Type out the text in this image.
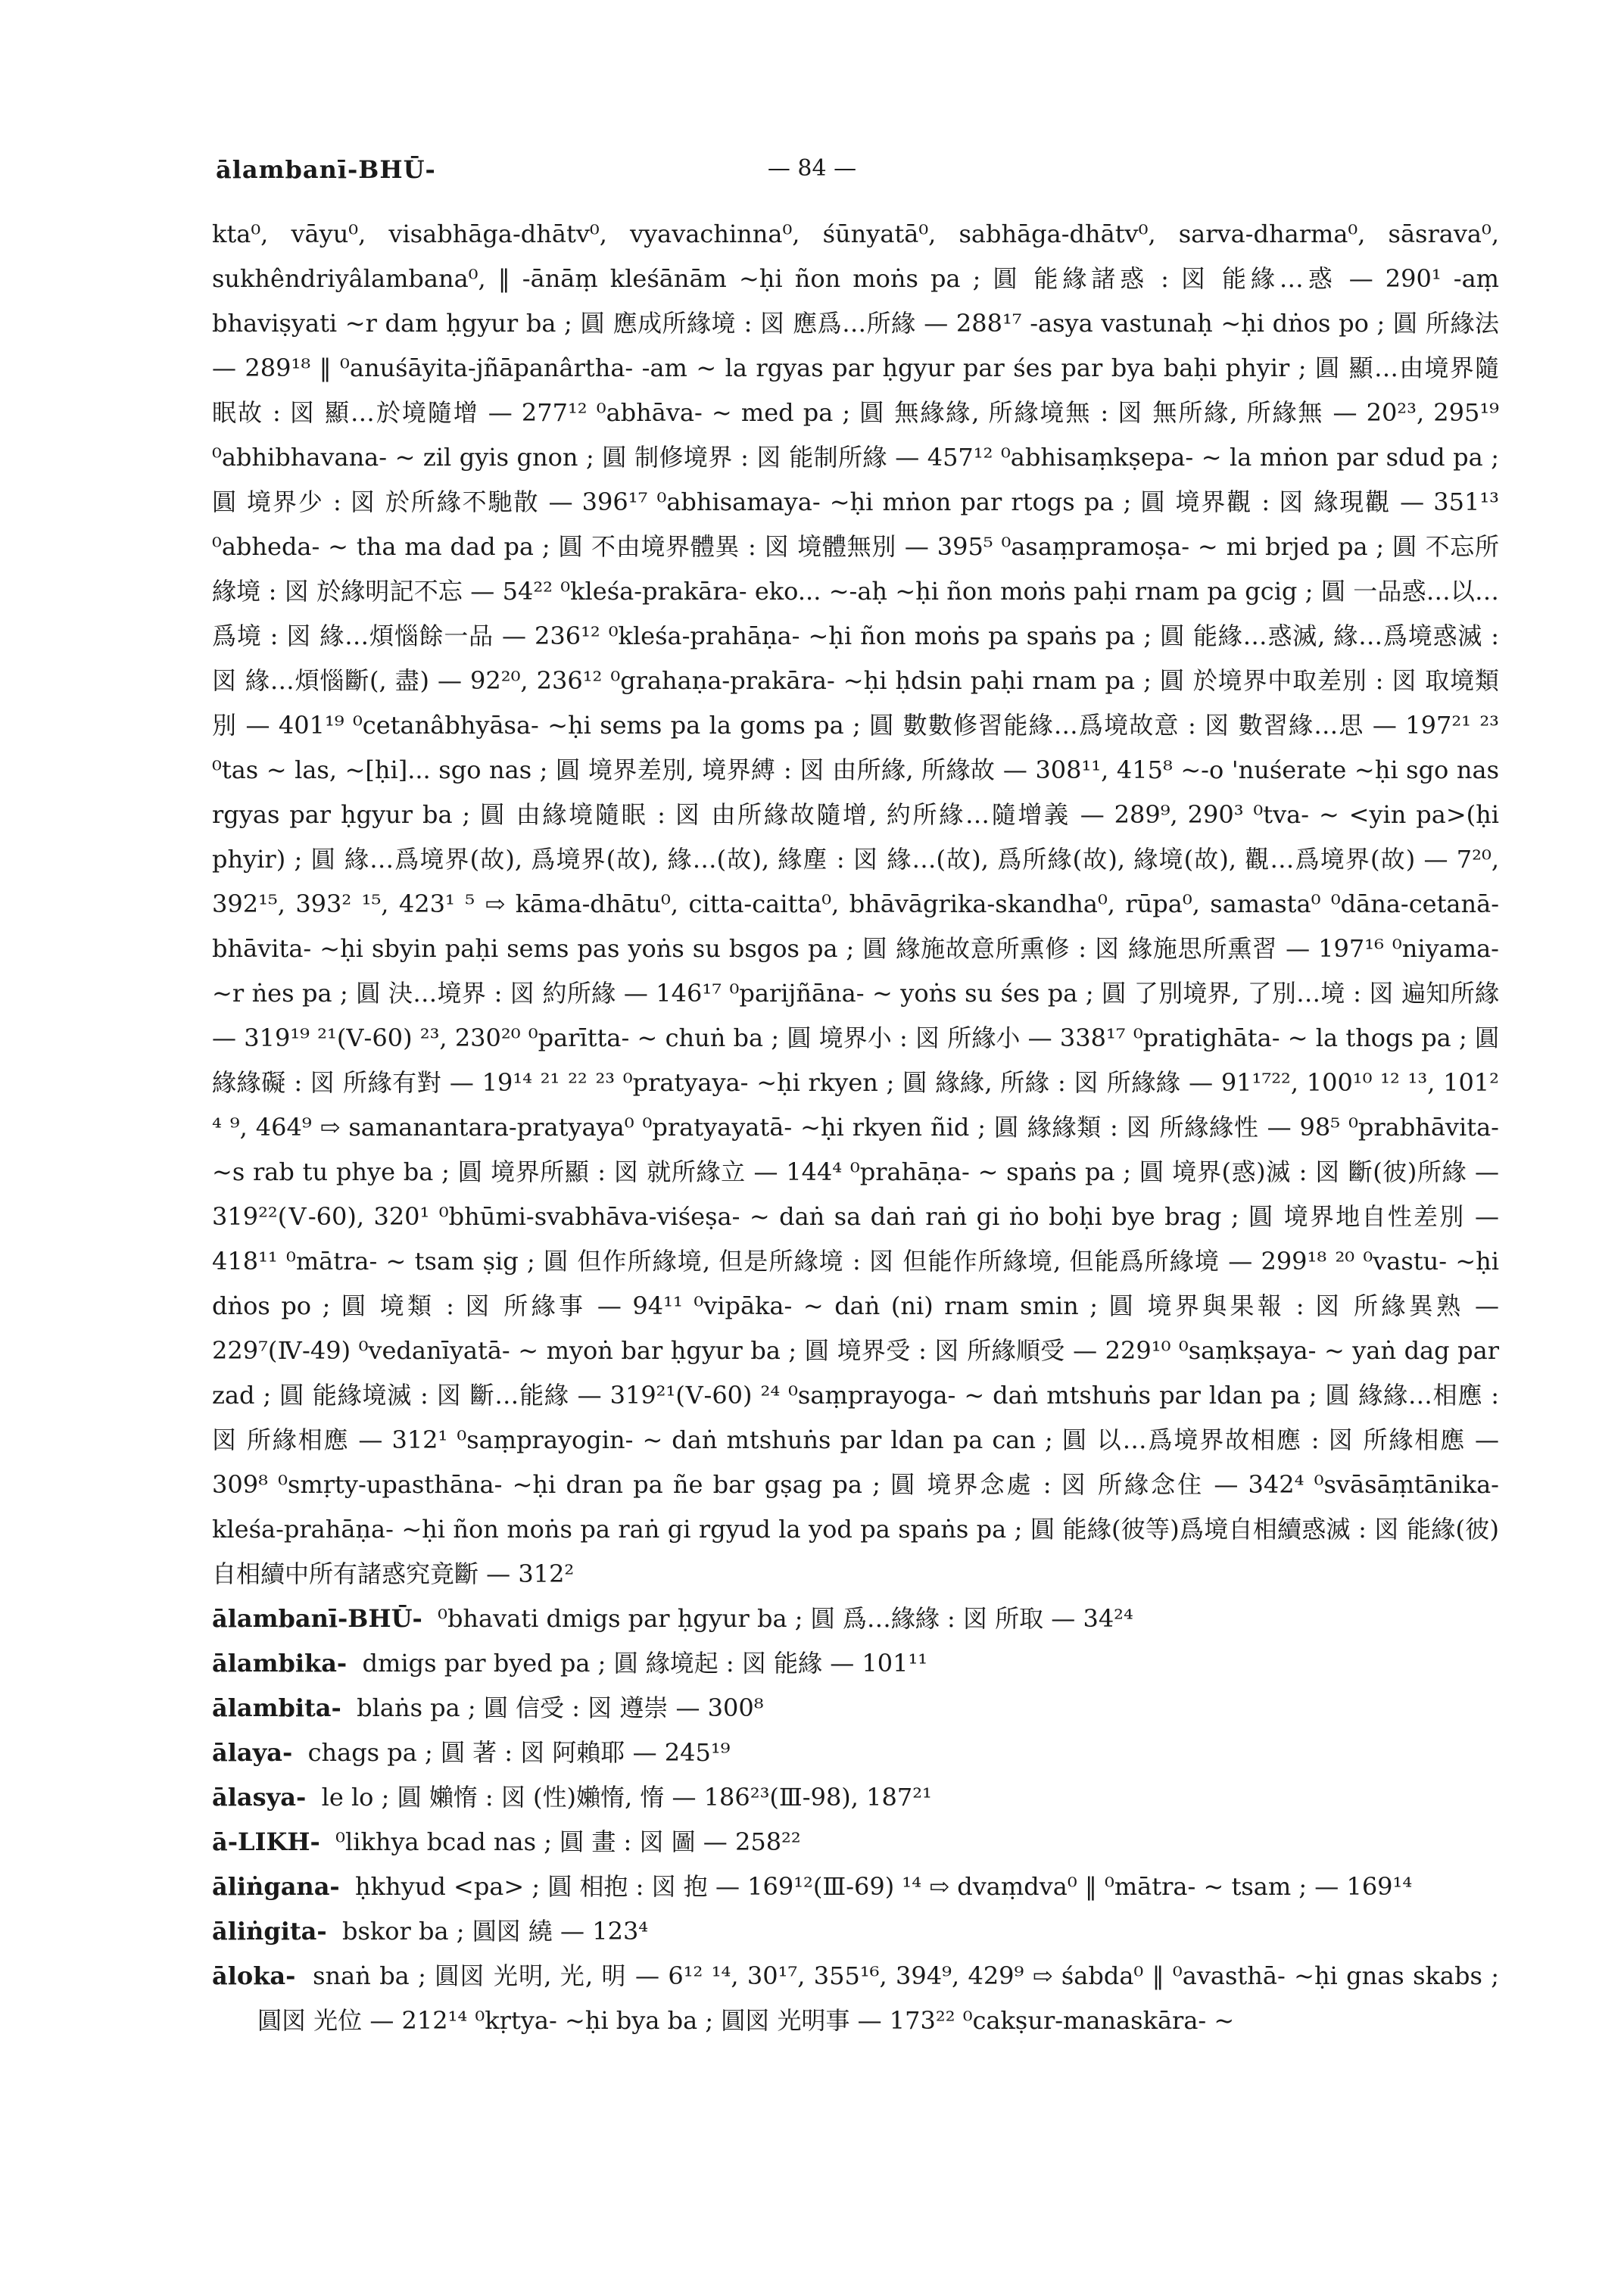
ālambanī-BHŪ-	— 84 —

kta⁰, vāyu⁰, visabhāga-dhātv⁰, vyavachinna⁰, śūnyatā⁰, sabhāga-dhātv⁰, sarva-dharma⁰, sāsrava⁰, sukhêndriyâlambana⁰, ‖ -ānāṃ kleśānām ~ḥi ñon moṅs pa ; 圓 能緣諸惑 : 図 能緣…惑 — 290¹ -aṃ bhaviṣyati ~r dam ḥgyur ba ; 圓 應成所緣境 : 図 應爲…所緣 — 288¹⁷ -asya vastunaḥ ~ḥi dṅos po ; 圓 所緣法 — 289¹⁸ ‖ ⁰anuśāyita-jñāpanârtha- -am ~ la rgyas par ḥgyur par śes par bya baḥi phyir ; 圓 顯…由境界隨眠故 : 図 顯…於境隨增 — 277¹² ⁰abhāva- ~ med pa ; 圓 無緣緣, 所緣境無 : 図 無所緣, 所緣無 — 20²³, 295¹⁹ ⁰abhibhavana- ~ zil gyis gnon ; 圓 制修境界 : 図 能制所緣 — 457¹² ⁰abhisaṃkṣepa- ~ la mṅon par sdud pa ; 圓 境界少 : 図 於所緣不馳散 — 396¹⁷ ⁰abhisamaya- ~ḥi mṅon par rtogs pa ; 圓 境界觀 : 図 緣現觀 — 351¹³ ⁰abheda- ~ tha ma dad pa ; 圓 不由境界體異 : 図 境體無別 — 395⁵ ⁰asaṃpramoṣa- ~ mi brjed pa ; 圓 不忘所緣境 : 図 於緣明記不忘 — 54²² ⁰kleśa-prakāra- eko... ~-aḥ ~ḥi ñon moṅs paḥi rnam pa gcig ; 圓 一品惑…以…爲境 : 図 緣…煩惱餘一品 — 236¹² ⁰kleśa-prahāṇa- ~ḥi ñon moṅs pa spaṅs pa ; 圓 能緣…惑滅, 緣…爲境惑滅 : 図 緣…煩惱斷(, 盡) — 92²⁰, 236¹² ⁰grahaṇa-prakāra- ~ḥi ḥdsin paḥi rnam pa ; 圓 於境界中取差別 : 図 取境類別 — 401¹⁹ ⁰cetanâbhyāsa- ~ḥi sems pa la goms pa ; 圓 數數修習能緣…爲境故意 : 図 數習緣…思 — 197²¹ ²³ ⁰tas ~ las, ~[ḥi]... sgo nas ; 圓 境界差別, 境界縛 : 図 由所緣, 所緣故 — 308¹¹, 415⁸ ~-o 'nuśerate ~ḥi sgo nas rgyas par ḥgyur ba ; 圓 由緣境隨眠 : 図 由所緣故隨增, 約所緣…隨增義 — 289⁹, 290³ ⁰tva- ~ <yin pa>(ḥi phyir) ; 圓 緣…爲境界(故), 爲境界(故), 緣…(故), 緣塵 : 図 緣…(故), 爲所緣(故), 緣境(故), 觀…爲境界(故) — 7²⁰, 392¹⁵, 393² ¹⁵, 423¹ ⁵ ⇨ kāma-dhātu⁰, citta-caitta⁰, bhāvāgrika-skandha⁰, rūpa⁰, samasta⁰ ⁰dāna-cetanā-bhāvita- ~ḥi sbyin paḥi sems pas yoṅs su bsgos pa ; 圓 緣施故意所熏修 : 図 緣施思所熏習 — 197¹⁶ ⁰niyama- ~r ṅes pa ; 圓 決…境界 : 図 約所緣 — 146¹⁷ ⁰parijñāna- ~ yoṅs su śes pa ; 圓 了別境界, 了別…境 : 図 遍知所緣 — 319¹⁹ ²¹(Ⅴ-60) ²³, 230²⁰ ⁰parītta- ~ chuṅ ba ; 圓 境界小 : 図 所緣小 — 338¹⁷ ⁰pratighāta- ~ la thogs pa ; 圓 緣緣礙 : 図 所緣有對 — 19¹⁴ ²¹ ²² ²³ ⁰pratyaya- ~ḥi rkyen ; 圓 緣緣, 所緣 : 図 所緣緣 — 91¹⁷²², 100¹⁰ ¹² ¹³, 101² ⁴ ⁹, 464⁹ ⇨ samanantara-pratyaya⁰ ⁰pratyayatā- ~ḥi rkyen ñid ; 圓 緣緣類 : 図 所緣緣性 — 98⁵ ⁰prabhāvita- ~s rab tu phye ba ; 圓 境界所顯 : 図 就所緣立 — 144⁴ ⁰prahāṇa- ~ spaṅs pa ; 圓 境界(惑)滅 : 図 斷(彼)所緣 — 319²²(Ⅴ-60), 320¹ ⁰bhūmi-svabhāva-viśeṣa- ~ daṅ sa daṅ raṅ gi ṅo boḥi bye brag ; 圓 境界地自性差別 — 418¹¹ ⁰mātra- ~ tsam ṣig ; 圓 但作所緣境, 但是所緣境 : 図 但能作所緣境, 但能爲所緣境 — 299¹⁸ ²⁰ ⁰vastu- ~ḥi dṅos po ; 圓 境類 : 図 所緣事 — 94¹¹ ⁰vipāka- ~ daṅ (ni) rnam smin ; 圓 境界與果報 : 図 所緣異熟 — 229⁷(Ⅳ-49) ⁰vedanīyatā- ~ myoṅ bar ḥgyur ba ; 圓 境界受 : 図 所緣順受 — 229¹⁰ ⁰saṃkṣaya- ~ yaṅ dag par zad ; 圓 能緣境滅 : 図 斷…能緣 — 319²¹(Ⅴ-60) ²⁴ ⁰saṃprayoga- ~ daṅ mtshuṅs par ldan pa ; 圓 緣緣…相應 : 図 所緣相應 — 312¹ ⁰saṃprayogin- ~ daṅ mtshuṅs par ldan pa can ; 圓 以…爲境界故相應 : 図 所緣相應 — 309⁸ ⁰smṛty-upasthāna- ~ḥi dran pa ñe bar gṣag pa ; 圓 境界念處 : 図 所緣念住 — 342⁴ ⁰svāsāṃtānika-kleśa-prahāṇa- ~ḥi ñon moṅs pa raṅ gi rgyud la yod pa spaṅs pa ; 圓 能緣(彼等)爲境自相續惑滅 : 図 能緣(彼)自相續中所有諸惑究竟斷 — 312²

ālambanī-BHŪ- ⁰bhavati dmigs par ḥgyur ba ; 圓 爲…緣緣 : 図 所取 — 34²⁴

ālambika- dmigs par byed pa ; 圓 緣境起 : 図 能緣 — 101¹¹

ālambita- blaṅs pa ; 圓 信受 : 図 遵崇 — 300⁸

ālaya- chags pa ; 圓 著 : 図 阿賴耶 — 245¹⁹

ālasya- le lo ; 圓 嬾惰 : 図 (性)嬾惰, 惰 — 186²³(Ⅲ-98), 187²¹

ā-LIKH- ⁰likhya bcad nas ; 圓 畫 : 図 圖 — 258²²

āliṅgana- ḥkhyud <pa> ; 圓 相抱 : 図 抱 — 169¹²(Ⅲ-69) ¹⁴ ⇨ dvaṃdva⁰ ‖ ⁰mātra- ~ tsam ; — 169¹⁴

āliṅgita- bskor ba ; 圓図 繞 — 123⁴

āloka- snaṅ ba ; 圓図 光明, 光, 明 — 6¹² ¹⁴, 30¹⁷, 355¹⁶, 394⁹, 429⁹ ⇨ śabda⁰ ‖ ⁰avasthā- ~ḥi gnas skabs ; 圓図 光位 — 212¹⁴ ⁰kṛtya- ~ḥi bya ba ; 圓図 光明事 — 173²² ⁰cakṣur-manaskāra- ~
